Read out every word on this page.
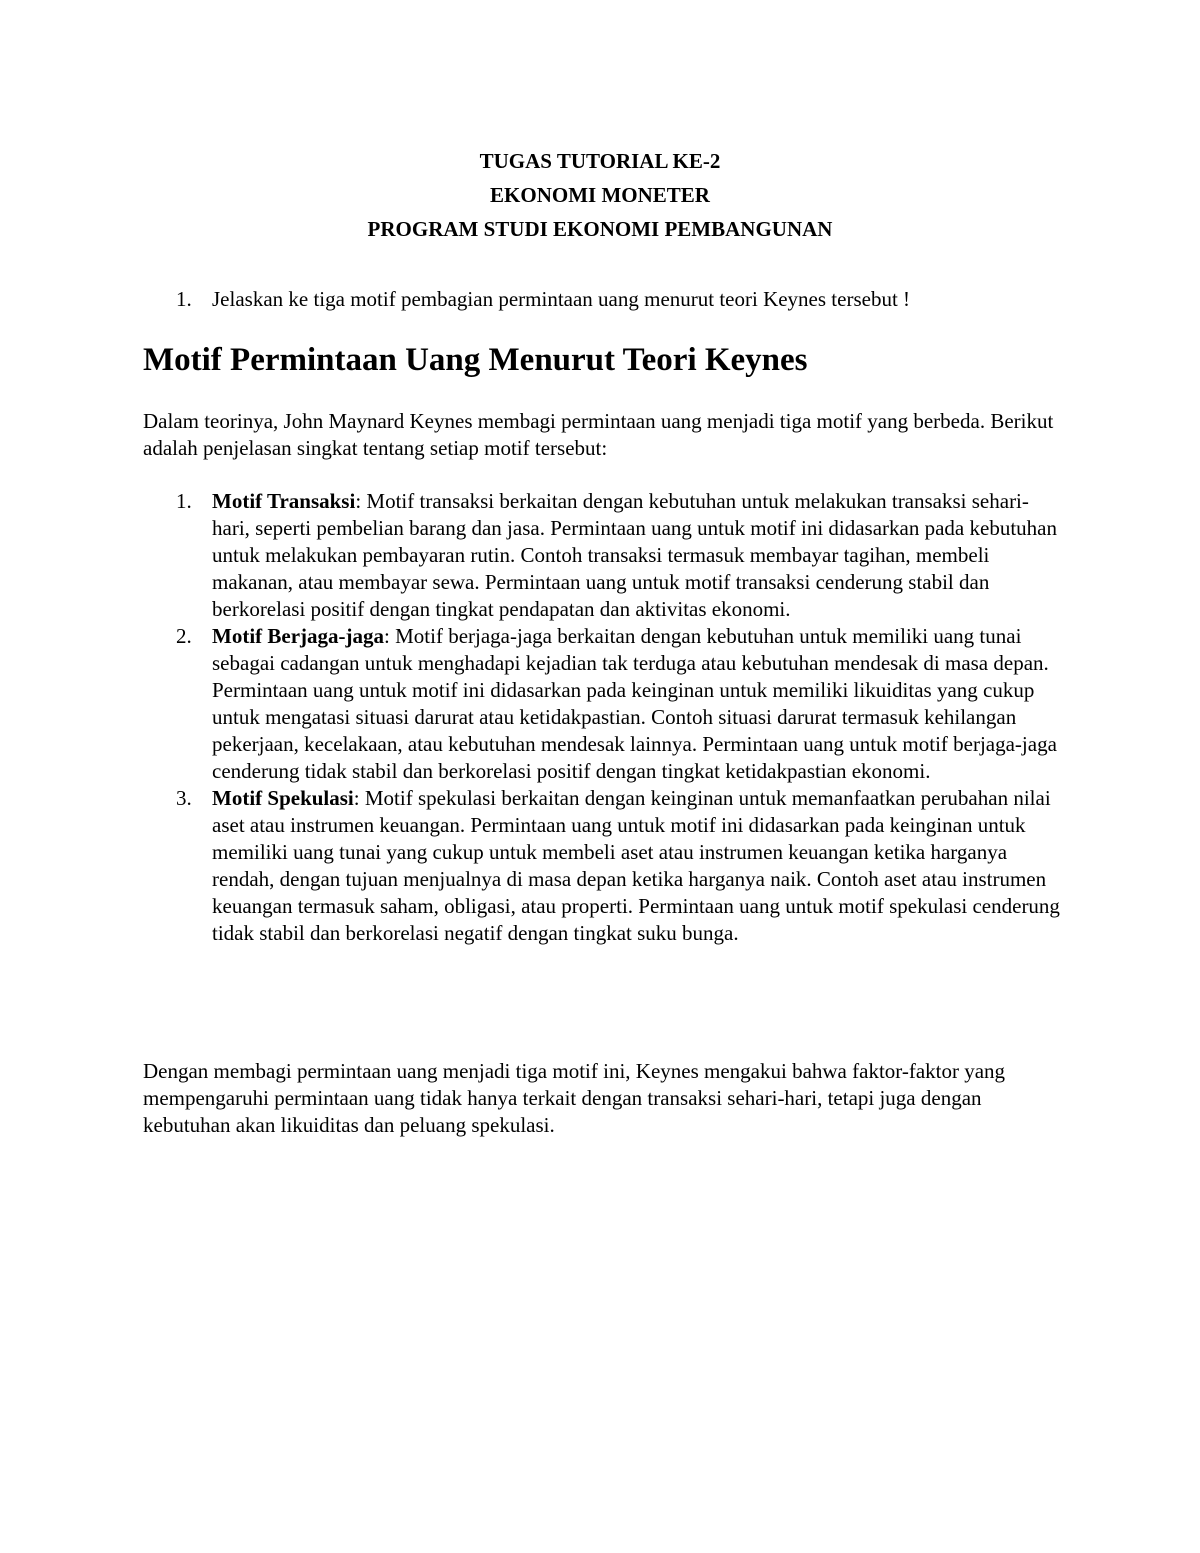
TUGAS TUTORIAL KE-2
EKONOMI MONETER
PROGRAM STUDI EKONOMI PEMBANGUNAN
1. Jelaskan ke tiga motif pembagian permintaan uang menurut teori Keynes tersebut !
Motif Permintaan Uang Menurut Teori Keynes

Dalam teorinya, John Maynard Keynes membagi permintaan uang menjadi tiga motif yang berbeda. Berikut adalah penjelasan singkat tentang setiap motif tersebut:

1. Motif Transaksi: Motif transaksi berkaitan dengan kebutuhan untuk melakukan transaksi sehari-hari, seperti pembelian barang dan jasa. Permintaan uang untuk motif ini didasarkan pada kebutuhan untuk melakukan pembayaran rutin. Contoh transaksi termasuk membayar tagihan, membeli makanan, atau membayar sewa. Permintaan uang untuk motif transaksi cenderung stabil dan berkorelasi positif dengan tingkat pendapatan dan aktivitas ekonomi.
2. Motif Berjaga-jaga: Motif berjaga-jaga berkaitan dengan kebutuhan untuk memiliki uang tunai sebagai cadangan untuk menghadapi kejadian tak terduga atau kebutuhan mendesak di masa depan. Permintaan uang untuk motif ini didasarkan pada keinginan untuk memiliki likuiditas yang cukup untuk mengatasi situasi darurat atau ketidakpastian. Contoh situasi darurat termasuk kehilangan pekerjaan, kecelakaan, atau kebutuhan mendesak lainnya. Permintaan uang untuk motif berjaga-jaga cenderung tidak stabil dan berkorelasi positif dengan tingkat ketidakpastian ekonomi.
3. Motif Spekulasi: Motif spekulasi berkaitan dengan keinginan untuk memanfaatkan perubahan nilai aset atau instrumen keuangan. Permintaan uang untuk motif ini didasarkan pada keinginan untuk memiliki uang tunai yang cukup untuk membeli aset atau instrumen keuangan ketika harganya rendah, dengan tujuan menjualnya di masa depan ketika harganya naik. Contoh aset atau instrumen keuangan termasuk saham, obligasi, atau properti. Permintaan uang untuk motif spekulasi cenderung tidak stabil dan berkorelasi negatif dengan tingkat suku bunga.

Dengan membagi permintaan uang menjadi tiga motif ini, Keynes mengakui bahwa faktor-faktor yang mempengaruhi permintaan uang tidak hanya terkait dengan transaksi sehari-hari, tetapi juga dengan kebutuhan akan likuiditas dan peluang spekulasi.
